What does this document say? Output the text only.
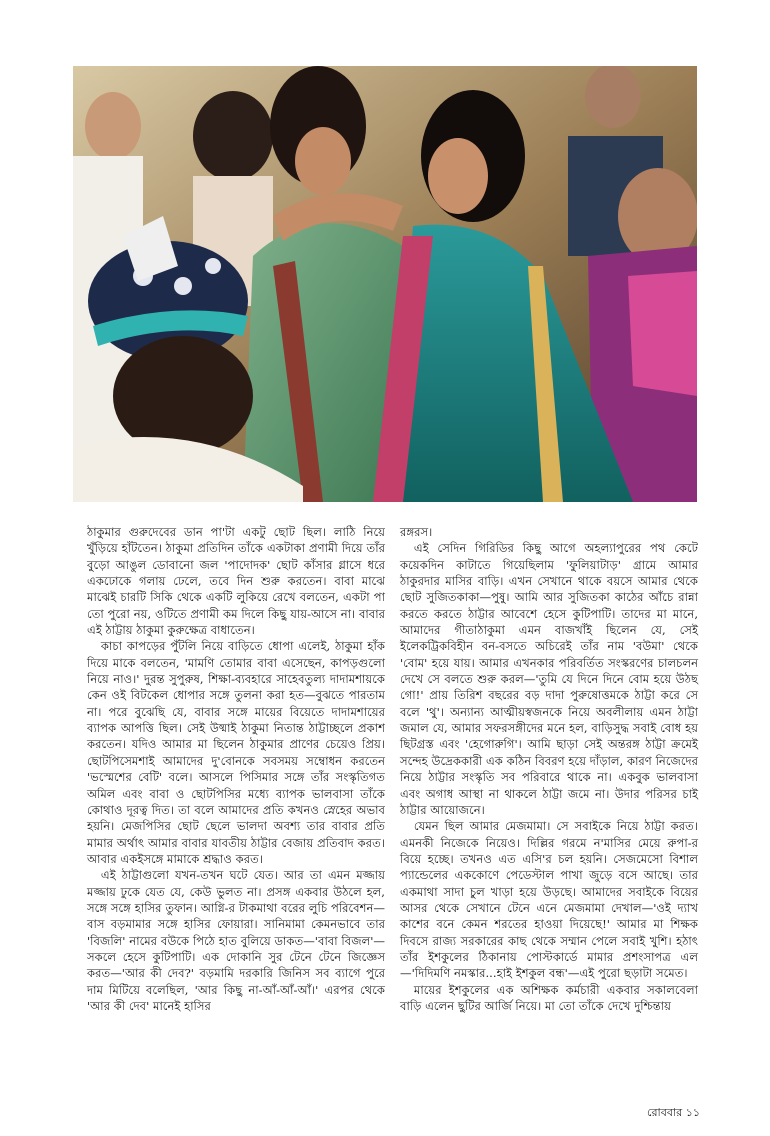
ঠাকুমার গুরুদেবের ডান পা'টা একটু ছোট ছিল। লাঠি নিয়ে খুঁড়িয়ে হাঁটতেন। ঠাকুমা প্রতিদিন তাঁকে একটাকা প্রণামী দিয়ে তাঁর বুড়ো আঙুল ডোবানো জল 'পাদোদক' ছোট কাঁসার গ্লাসে ধরে একঢোকে গলায় ঢেলে, তবে দিন শুরু করতেন। বাবা মাঝে মাঝেই চারটি সিকি থেকে একটি লুকিয়ে রেখে বলতেন, একটা পা তো পুরো নয়, ওটিতে প্রণামী কম দিলে কিছু যায়-আসে না। বাবার এই ঠাট্টায় ঠাকুমা কুরুক্ষেত্র বাধাতেন।

কাচা কাপড়ের পুঁটলি নিয়ে বাড়িতে ধোপা এলেই, ঠাকুমা হাঁক দিয়ে মাকে বলতেন, 'মামণি তোমার বাবা এসেছেন, কাপড়গুলো নিয়ে নাও।' দুরন্ত সুপুরুষ, শিক্ষা-ব্যবহারে সাহেবতুল্য দাদামশায়কে কেন ওই বিটকেল ধোপার সঙ্গে তুলনা করা হত—বুঝতে পারতাম না। পরে বুঝেছি যে, বাবার সঙ্গে মায়ের বিয়েতে দাদামশায়ের ব্যাপক আপত্তি ছিল। সেই উষ্মাই ঠাকুমা নিতান্ত ঠাট্টাচ্ছলে প্রকাশ করতেন। যদিও আমার মা ছিলেন ঠাকুমার প্রাণের চেয়েও প্রিয়। ছোটপিসেমশাই আমাদের দু'বোনকে সবসময় সম্বোধন করতেন 'ভস্মেশের বেটি' বলে। আসলে পিসিমার সঙ্গে তাঁর সংস্কৃতিগত অমিল এবং বাবা ও ছোটপিসির মধ্যে ব্যাপক ভালবাসা তাঁকে কোথাও দূরত্ব দিত। তা বলে আমাদের প্রতি কখনও স্নেহের অভাব হয়নি। মেজপিসির ছোট ছেলে ভালদা অবশ্য তার বাবার প্রতি মামার অর্থাৎ আমার বাবার যাবতীয় ঠাট্টার বেজায় প্রতিবাদ করত। আবার একইসঙ্গে মামাকে শ্রদ্ধাও করত।

এই ঠাট্টাগুলো যখন-তখন ঘটে যেত। আর তা এমন মজ্জায় মজ্জায় ঢুকে যেত যে, কেউ ভুলত না। প্রসঙ্গ একবার উঠলে হল, সঙ্গে সঙ্গে হাসির তুফান। আগ্নি-র টাকমাথা বরের লুচি পরিবেশন—বাস বড়মামার সঙ্গে হাসির ফোয়ারা। সানিমামা কেমনভাবে তার 'বিজলি' নামের বউকে পিঠে হাত বুলিয়ে ডাকত—'বাবা বিজল'—সকলে হেসে কুটিপাটি। এক দোকানি সুর টেনে টেনে জিজ্ঞেস করত—'আর কী দেব?' বড়মামি দরকারি জিনিস সব ব্যাগে পুরে দাম মিটিয়ে বলেছিল, 'আর কিছু না-আঁ-আঁ-আঁ।' এরপর থেকে 'আর কী দেব' মানেই হাসির

রঙ্গরস।

এই সেদিন গিরিডির কিছু আগে অহল্যাপুরের পথ কেটে কয়েকদিন কাটাতে গিয়েছিলাম 'ফুলিয়াটাড়' গ্রামে আমার ঠাকুরদার মাসির বাড়ি। এখন সেখানে থাকে বয়সে আমার থেকে ছোট সুজিতকাকা—পুষু। আমি আর সুজিতকা কাঠের আঁচে রান্না করতে করতে ঠাট্টার আবেশে হেসে কুটিপাটি। তাদের মা মানে, আমাদের গীতাঠাকুমা এমন বাজখাঁই ছিলেন যে, সেই ইলেকট্রিকবিহীন বন-বসতে অচিরেই তাঁর নাম 'বউমা' থেকে 'বোম' হয়ে যায়। আমার এখনকার পরিবর্তিত সংস্করণের চালচলন দেখে সে বলতে শুরু করল—'তুমি যে দিনে দিনে বোম হয়ে উঠছ গো!' প্রায় তিরিশ বছরের বড় দাদা পুরুষোত্তমকে ঠাট্টা করে সে বলে 'থু'। অন্যান্য আত্মীয়স্বজনকে নিয়ে অবলীলায় এমন ঠাট্টা জমাল যে, আমার সফরসঙ্গীদের মনে হল, বাড়িসুদ্ধ সবাই বোধ হয় ছিটগ্রস্ত এবং 'হেগোরুগি'। আমি ছাড়া সেই অন্তরঙ্গ ঠাট্টা ক্রমেই সন্দেহ উদ্রেককারী এক কঠিন বিবরণ হয়ে দাঁড়াল, কারণ নিজেদের নিয়ে ঠাট্টার সংস্কৃতি সব পরিবারে থাকে না। একবুক ভালবাসা এবং অগাধ আস্থা না থাকলে ঠাট্টা জমে না। উদার পরিসর চাই ঠাট্টার আয়োজনে।

যেমন ছিল আমার মেজমামা। সে সবাইকে নিয়ে ঠাট্টা করত। এমনকী নিজেকে নিয়েও। দিল্লির গরমে ন'মাসির মেয়ে রুপা-র বিয়ে হচ্ছে। তখনও এত এসি'র চল হয়নি। সেজমেসো বিশাল প্যান্ডেলের এককোণে পেডেস্টাল পাখা জুড়ে বসে আছে। তার একমাথা সাদা চুল খাড়া হয়ে উড়ছে। আমাদের সবাইকে বিয়ের আসর থেকে সেখানে টেনে এনে মেজমামা দেখাল—'ওই দ্যাখ কাশের বনে কেমন শরতের হাওয়া দিয়েছে!' আমার মা শিক্ষক দিবসে রাজ্য সরকারের কাছ থেকে সম্মান পেলে সবাই খুশি। হঠাৎ তাঁর ইশকুলের ঠিকানায় পোস্টকার্ডে মামার প্রশংসাপত্র এল—'দিদিমণি নমস্কার...হাই ইশকুল বন্ধ'—এই পুরো ছড়াটা সমেত।

মায়ের ইশকুলের এক অশিক্ষক কর্মচারী একবার সকালবেলা বাড়ি এলেন ছুটির আর্জি নিয়ে। মা তো তাঁকে দেখে দুশ্চিন্তায়

রোববার ১১
